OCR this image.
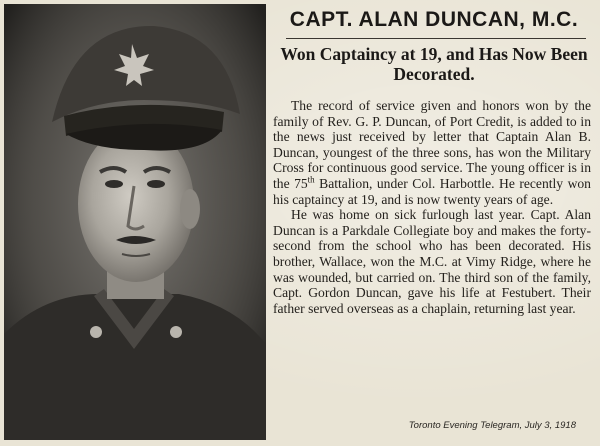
CAPT. ALAN DUNCAN, M.C.
Won Captaincy at 19, and Has Now Been Decorated.

The record of service given and honors won by the family of Rev. G. P. Duncan, of Port Credit, is added to in the news just received by letter that Captain Alan B. Duncan, youngest of the three sons, has won the Military Cross for continuous good service. The young officer is in the 75th Battalion, under Col. Harbottle. He recently won his captaincy at 19, and is now twenty years of age.

He was home on sick furlough last year. Capt. Alan Duncan is a Parkdale Collegiate boy and makes the forty-second from the school who has been decorated. His brother, Wallace, won the M.C. at Vimy Ridge, where he was wounded, but carried on. The third son of the family, Capt. Gordon Duncan, gave his life at Festubert. Their father served overseas as a chaplain, returning last year.

Toronto Evening Telegram, July 3, 1918
